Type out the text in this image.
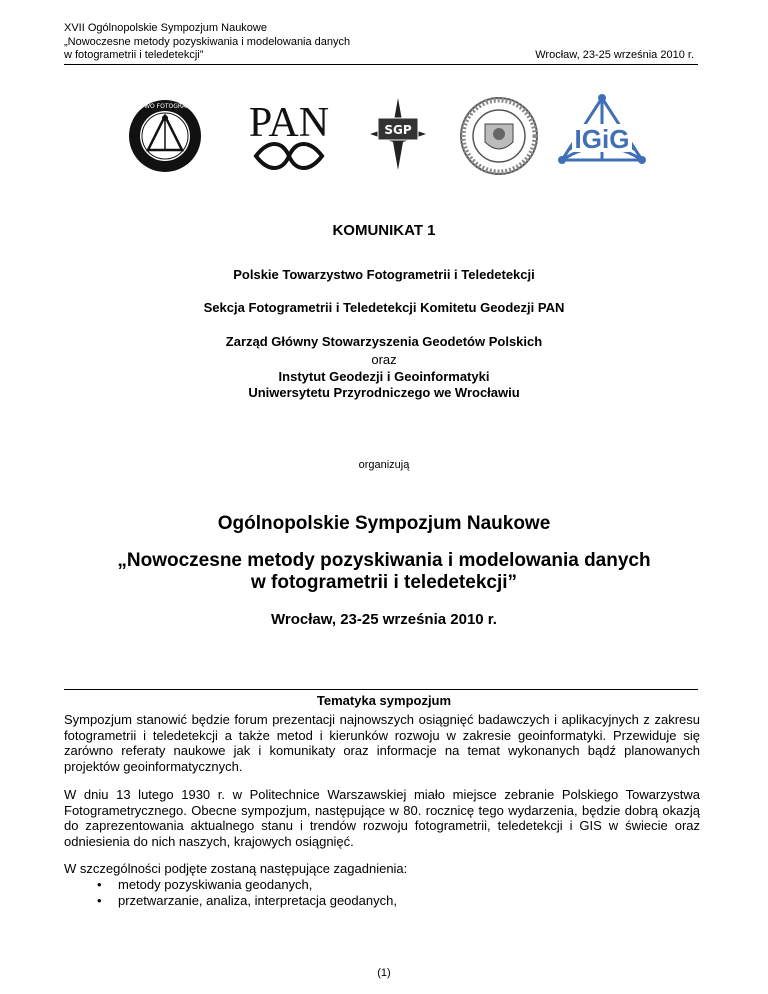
XVII Ogólnopolskie Sympozjum Naukowe
„Nowoczesne metody pozyskiwania i modelowania danych
w fotogrametrii i teledetekcji”	Wrocław, 23-25 września 2010 r.
TOWARZYSTWO FOTOGRAMETRII 1930 PAN	SGP	IGiG
KOMUNIKAT 1
Polskie Towarzystwo Fotogrametrii i Teledetekcji
Sekcja Fotogrametrii i Teledetekcji Komitetu Geodezji PAN
Zarząd Główny Stowarzyszenia Geodetów Polskich
oraz
Instytut Geodezji i Geoinformatyki
Uniwersytetu Przyrodniczego we Wrocławiu
organizują
Ogólnopolskie Sympozjum Naukowe
„Nowoczesne metody pozyskiwania i modelowania danych
w fotogrametrii i teledetekcji”
Wrocław, 23-25 września 2010 r.
Tematyka sympozjum
Sympozjum stanowić będzie forum prezentacji najnowszych osiągnięć badawczych i aplikacyjnych z zakresu fotogrametrii i teledetekcji a także metod i kierunków rozwoju w zakresie geoinformatyki. Przewiduje się zarówno referaty naukowe jak i komunikaty oraz informacje na temat wykonanych bądź planowanych projektów geoinformatycznych.
W dniu 13 lutego 1930 r. w Politechnice Warszawskiej miało miejsce zebranie Polskiego Towarzystwa Fotogrametrycznego. Obecne sympozjum, następujące w 80. rocznicę tego wydarzenia, będzie dobrą okazją do zaprezentowania aktualnego stanu i trendów rozwoju fotogrametrii, teledetekcji i GIS w świecie oraz odniesienia do nich naszych, krajowych osiągnięć.
W szczególności podjęte zostaną następujące zagadnienia:
• metody pozyskiwania geodanych,
• przetwarzanie, analiza, interpretacja geodanych,
(1)
